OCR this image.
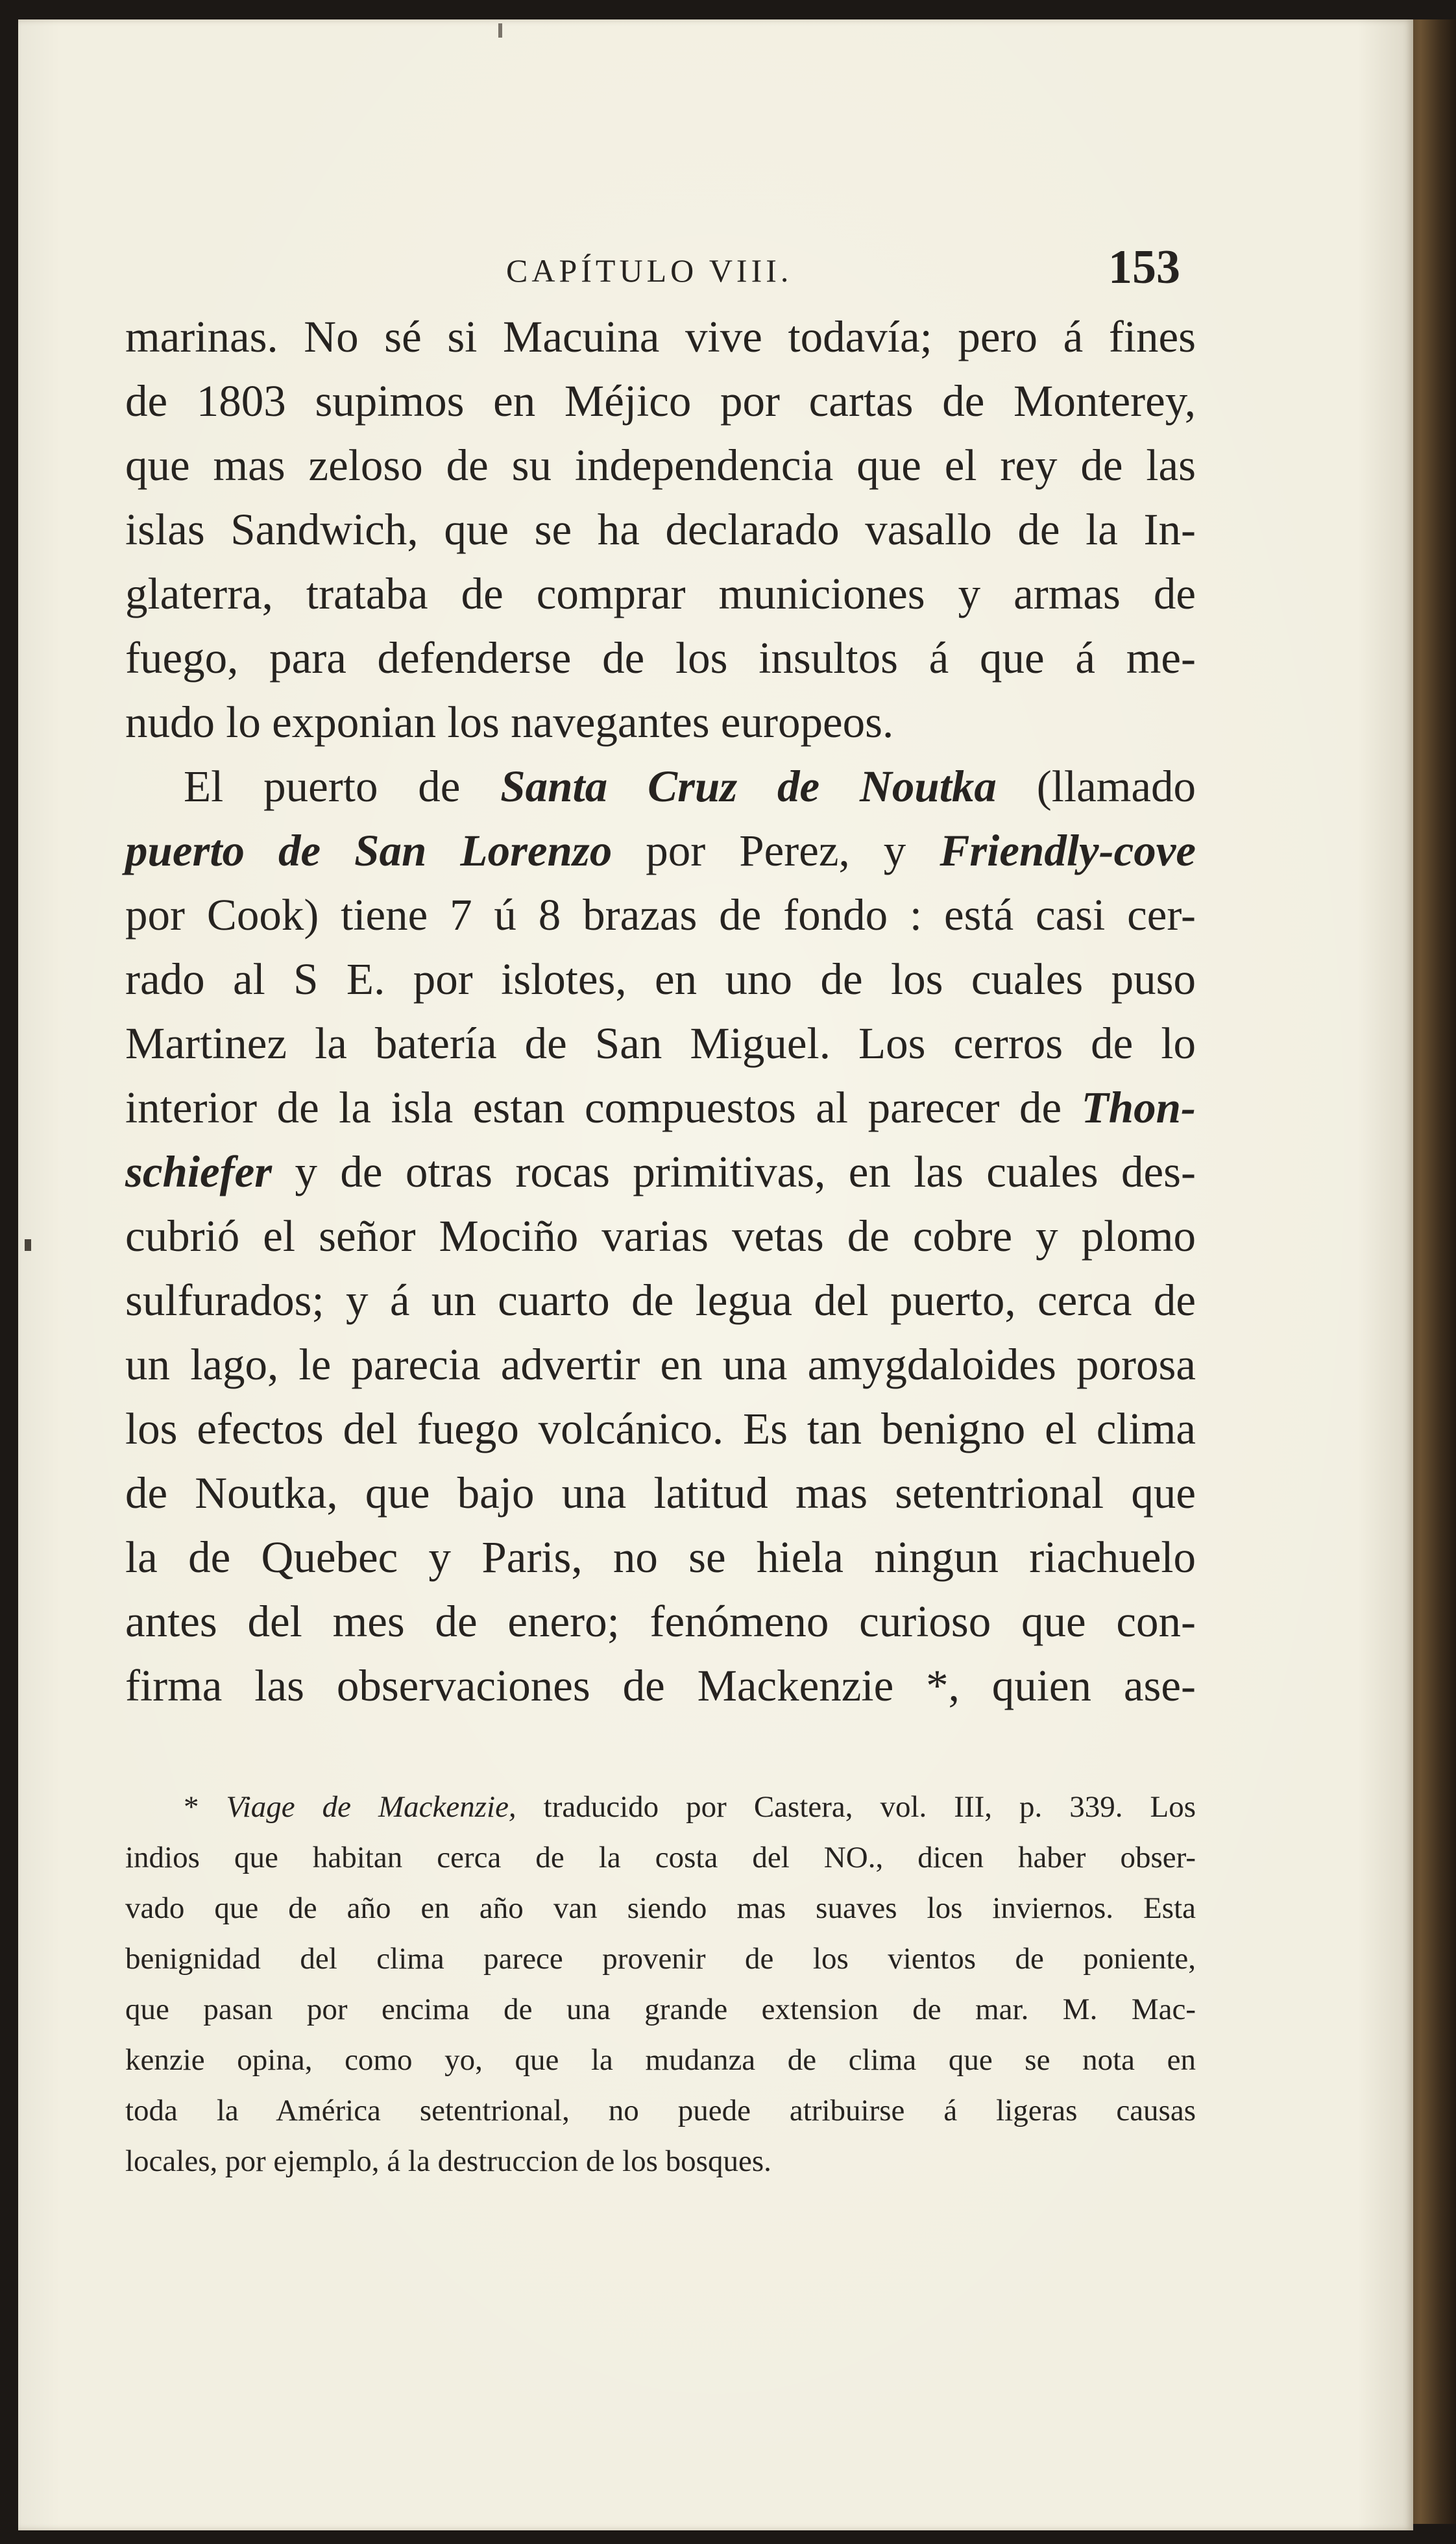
CAPÍTULO VIII.	153
marinas. No sé si Macuina vive todavía; pero á fines
de 1803 supimos en Méjico por cartas de Monterey,
que mas zeloso de su independencia que el rey de las
islas Sandwich, que se ha declarado vasallo de la In-
glaterra, trataba de comprar municiones y armas de
fuego, para defenderse de los insultos á que á me-
nudo lo exponian los navegantes europeos.
El puerto de Santa Cruz de Noutka (llamado
puerto de San Lorenzo por Perez, y Friendly-cove
por Cook) tiene 7 ú 8 brazas de fondo : está casi cer-
rado al S E. por islotes, en uno de los cuales puso
Martinez la batería de San Miguel. Los cerros de lo
interior de la isla estan compuestos al parecer de Thon-
schiefer y de otras rocas primitivas, en las cuales des-
cubrió el señor Mociño varias vetas de cobre y plomo
sulfurados; y á un cuarto de legua del puerto, cerca de
un lago, le parecia advertir en una amygdaloides porosa
los efectos del fuego volcánico. Es tan benigno el clima
de Noutka, que bajo una latitud mas setentrional que
la de Quebec y Paris, no se hiela ningun riachuelo
antes del mes de enero; fenómeno curioso que con-
firma las observaciones de Mackenzie *, quien ase-
* Viage de Mackenzie, traducido por Castera, vol. III, p. 339. Los
indios que habitan cerca de la costa del NO., dicen haber obser-
vado que de año en año van siendo mas suaves los inviernos. Esta
benignidad del clima parece provenir de los vientos de poniente,
que pasan por encima de una grande extension de mar. M. Mac-
kenzie opina, como yo, que la mudanza de clima que se nota en
toda la América setentrional, no puede atribuirse á ligeras causas
locales, por ejemplo, á la destruccion de los bosques.
